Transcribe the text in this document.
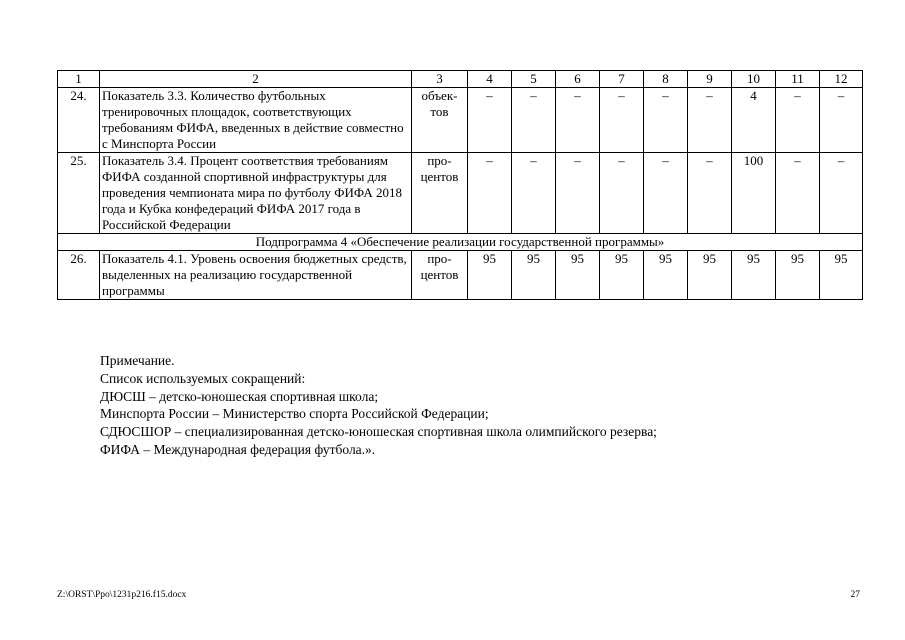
1	2	3	4	5	6	7	8	9	10	11	12
24.	Показатель 3.3. Количество футбольных тренировочных площадок, соответствующих требованиям ФИФА, введенных в действие совместно с Минспорта России	объек-тов	–	–	–	–	–	–	4	–	–
25.	Показатель 3.4. Процент соответствия требованиям ФИФА созданной спортивной инфраструктуры для проведения чемпионата мира по футболу ФИФА 2018 года и Кубка конфедераций ФИФА 2017 года в Российской Федерации	про-центов	–	–	–	–	–	–	100	–	–
Подпрограмма 4 «Обеспечение реализации государственной программы»											
26.	Показатель 4.1. Уровень освоения бюджетных средств, выделенных на реализацию государственной программы	про-центов	95	95	95	95	95	95	95	95	95
Примечание.
Список используемых сокращений:
ДЮСШ – детско-юношеская спортивная школа;
Минспорта России – Министерство спорта Российской Федерации;
СДЮСШОР – специализированная детско-юношеская спортивная школа олимпийского резерва;
ФИФА – Международная федерация футбола.».
Z:\ORST\Ppo\1231p216.f15.docx	27
